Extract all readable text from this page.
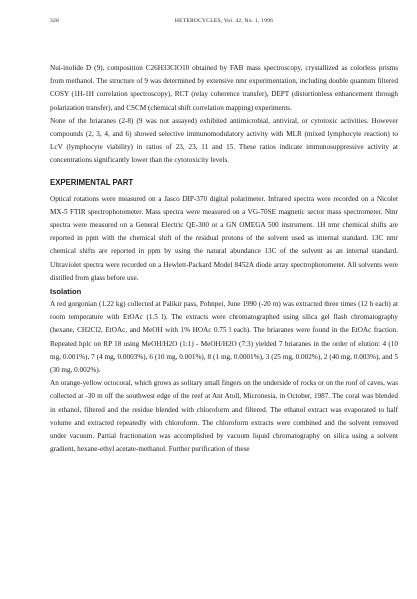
328	HETEROCYCLES, Vol. 42, No. 1, 1996

Nui-inolide D (9), composition C26H33ClO10 obtained by FAB mass spectroscopy, crystallized as colorless prisms from methanol. The structure of 9 was determined by extensive nmr experimentation, including double quantum filtered COSY (1H-1H correlation spectroscopy), RCT (relay coherence transfer), DEPT (distortionless enhancement through polarization transfer), and CSCM (chemical shift correlation mapping) experiments.

None of the briaranes (2-8) (9 was not assayed) exhibited antimicrobial, antiviral, or cytotoxic activities. However compounds (2, 3, 4, and 6) showed selective immunomodulatory activity with MLR (mixed lymphocyte reaction) to LcV (lymphocyte viability) in ratios of 23, 23, 11 and 15. These ratios indicate immunosuppressive activity at concentrations significantly lower than the cytotoxicity levels.

EXPERIMENTAL PART

Optical rotations were measured on a Jasco DIP-370 digital polarimeter. Infrared spectra were recorded on a Nicolet MX-5 FTIR spectrophotometer. Mass spectra were measured on a VG-70SE magnetic sector mass spectrometer. Nmr spectra were measured on a General Electric QE-300 or a GN OMEGA 500 instrument. 1H nmr chemical shifts are reported in ppm with the chemical shift of the residual protons of the solvent used as internal standard. 13C nmr chemical shifts are reported in ppm by using the natural abundance 13C of the solvent as an internal standard. Ultraviolet spectra were recorded on a Hewlett-Packard Model 8452A diode array spectrophotometer. All solvents were distilled from glass before use.

Isolation

A red gorgonian (1.22 kg) collected at Palikir pass, Pohnpei, June 1990 (-20 m) was extracted three times (12 h each) at room temperature with EtOAc (1.5 l). The extracts were chromatographed using silica gel flash chromatography (hexane, CH2Cl2, EtOAc, and MeOH with 1% HOAc 0.75 l each). The briaranes were found in the EtOAc fraction. Repeated hplc on RP 18 using MeOH/H2O (1:1) - MeOH/H2O (7:3) yielded 7 briaranes in the order of elution: 4 (10 mg, 0.001%), 7 (4 mg, 0.0003%), 6 (10 mg, 0.001%), 8 (1 mg, 0.0001%), 3 (25 mg, 0.002%), 2 (40 mg, 0.003%), and 5 (30 mg, 0.002%).

An orange-yellow octocoral, which grows as solitary small fingers on the underside of rocks or on the roof of caves, was collected at -30 m off the southwest edge of the reef at Ant Atoll, Micronesia, in October, 1987. The coral was blended in ethanol, filtered and the residue blended with chloroform and filtered. The ethanol extract was evaporated to half volume and extracted repeatedly with chloroform. The chloroform extracts were combined and the solvent removed under vacuum. Partial fractionation was accomplished by vacuum liquid chromatography on silica using a solvent gradient, hexane-ethyl acetate-methanol. Further purification of these
